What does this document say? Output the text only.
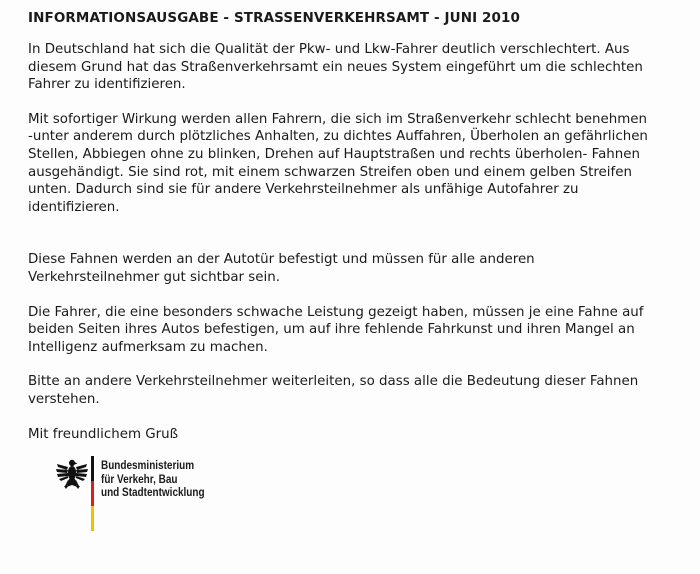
INFORMATIONSAUSGABE - STRASSENVERKEHRSAMT - JUNI 2010

In Deutschland hat sich die Qualität der Pkw- und Lkw-Fahrer deutlich verschlechtert. Aus
diesem Grund hat das Straßenverkehrsamt ein neues System eingeführt um die schlechten
Fahrer zu identifizieren.

Mit sofortiger Wirkung werden allen Fahrern, die sich im Straßenverkehr schlecht benehmen
-unter anderem durch plötzliches Anhalten, zu dichtes Auffahren, Überholen an gefährlichen
Stellen, Abbiegen ohne zu blinken, Drehen auf Hauptstraßen und rechts überholen- Fahnen
ausgehändigt. Sie sind rot, mit einem schwarzen Streifen oben und einem gelben Streifen
unten. Dadurch sind sie für andere Verkehrsteilnehmer als unfähige Autofahrer zu
identifizieren.

Diese Fahnen werden an der Autotür befestigt und müssen für alle anderen
Verkehrsteilnehmer gut sichtbar sein.

Die Fahrer, die eine besonders schwache Leistung gezeigt haben, müssen je eine Fahne auf
beiden Seiten ihres Autos befestigen, um auf ihre fehlende Fahrkunst und ihren Mangel an
Intelligenz aufmerksam zu machen.

Bitte an andere Verkehrsteilnehmer weiterleiten, so dass alle die Bedeutung dieser Fahnen
verstehen.

Mit freundlichem Gruß

Bundesministerium
für Verkehr, Bau
und Stadtentwicklung
